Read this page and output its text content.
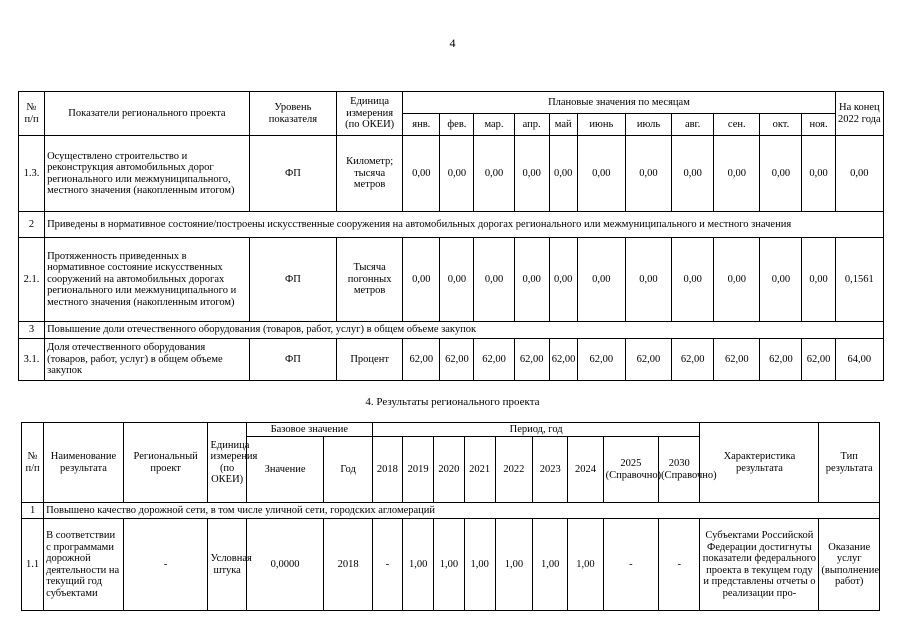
4
№ п/п	Показатели регионального проекта	Уровень показателя	Единица измерения (по ОКЕИ)	Плановые значения по месяцам											На конец 2022 года
				янв.	фев.	мар.	апр.	май	июнь	июль	авг.	сен.	окт.	ноя.	
1.3.	Осуществлено строительство и реконструкция автомобильных дорог регионального или межмуниципального, местного значения (накопленным итогом)	ФП	Километр; тысяча метров	0,00	0,00	0,00	0,00	0,00	0,00	0,00	0,00	0,00	0,00	0,00	0,00
2	Приведены в нормативное состояние/построены искусственные сооружения на автомобильных дорогах регионального или межмуниципального и местного значения														
2.1.	Протяженность приведенных в нормативное состояние искусственных сооружений на автомобильных дорогах регионального или межмуниципального и местного значения (накопленным итогом)	ФП	Тысяча погонных метров	0,00	0,00	0,00	0,00	0,00	0,00	0,00	0,00	0,00	0,00	0,00	0,1561
3	Повышение доли отечественного оборудования (товаров, работ, услуг) в общем объеме закупок														
3.1.	Доля отечественного оборудования (товаров, работ, услуг) в общем объеме закупок	ФП	Процент	62,00	62,00	62,00	62,00	62,00	62,00	62,00	62,00	62,00	62,00	62,00	64,00
4. Результаты регионального проекта
№ п/п	Наименование результата	Региональный проект	Единица измерения (по ОКЕИ)	Базовое значение		Период, год									Характеристика результата	Тип результата
				Значение	Год	2018	2019	2020	2021	2022	2023	2024	2025 (Справочно)	2030 (Справочно)		
1	Повышено качество дорожной сети, в том числе уличной сети, городских агломераций															
1.1	В соответствии с программами дорожной деятельности на текущий год субъектами	-	Условная штука	0,0000	2018	-	1,00	1,00	1,00	1,00	1,00	1,00	-	-	Субъектами Российской Федерации достигнуты показатели федерального проекта в текущем году и представлены отчеты о реализации про-	Оказание услуг (выполнение работ)
